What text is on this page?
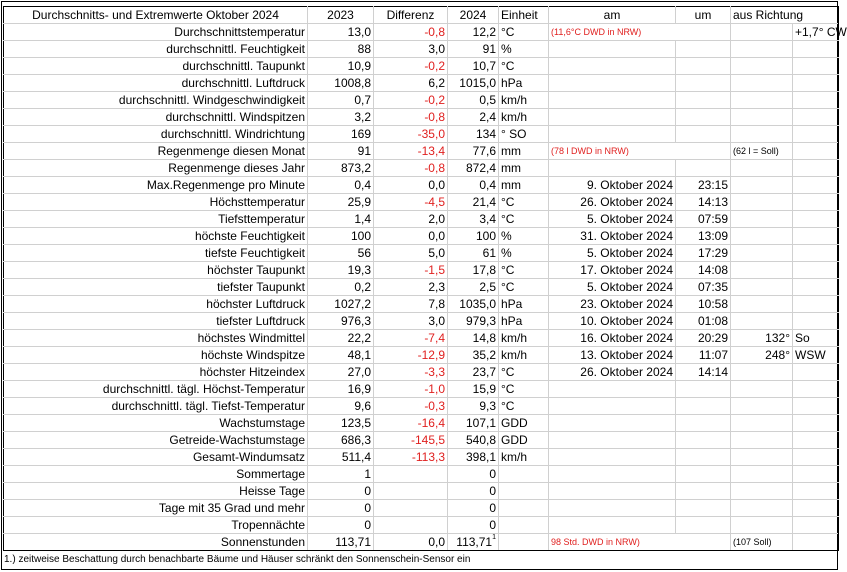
Durchschnitts- und Extremwerte Oktober 2024	2023	Differenz	2024	Einheit	am	um	aus Richtung		
Durchschnittstemperatur	13,0	-0,8	12,2	°C	(11,6°C DWD in NRW)			+1,7° CW	
durchschnittl. Feuchtigkeit	88	3,0	91	%					
durchschnittl. Taupunkt	10,9	-0,2	10,7	°C					
durchschnittl. Luftdruck	1008,8	6,2	1015,0	hPa					
durchschnittl. Windgeschwindigkeit	0,7	-0,2	0,5	km/h					
durchschnittl. Windspitzen	3,2	-0,8	2,4	km/h					
durchschnittl. Windrichtung	169	-35,0	134	° SO					
Regenmenge diesen Monat	91	-13,4	77,6	mm	(78 l DWD in NRW)		(62 l = Soll)		
Regenmenge dieses Jahr	873,2	-0,8	872,4	mm					
Max.Regenmenge pro Minute	0,4	0,0	0,4	mm	9. Oktober 2024	23:15			
Höchsttemperatur	25,9	-4,5	21,4	°C	26. Oktober 2024	14:13			
Tiefsttemperatur	1,4	2,0	3,4	°C	5. Oktober 2024	07:59			
höchste Feuchtigkeit	100	0,0	100	%	31. Oktober 2024	13:09			
tiefste Feuchtigkeit	56	5,0	61	%	5. Oktober 2024	17:29			
höchster Taupunkt	19,3	-1,5	17,8	°C	17. Oktober 2024	14:08			
tiefster Taupunkt	0,2	2,3	2,5	°C	5. Oktober 2024	07:35			
höchster Luftdruck	1027,2	7,8	1035,0	hPa	23. Oktober 2024	10:58			
tiefster Luftdruck	976,3	3,0	979,3	hPa	10. Oktober 2024	01:08			
höchstes Windmittel	22,2	-7,4	14,8	km/h	16. Oktober 2024	20:29	132°	So	
höchste Windspitze	48,1	-12,9	35,2	km/h	13. Oktober 2024	11:07	248°	WSW	
höchster Hitzeindex	27,0	-3,3	23,7	°C	26. Oktober 2024	14:14			
durchschnittl. tägl. Höchst-Temperatur	16,9	-1,0	15,9	°C					
durchschnittl. tägl. Tiefst-Temperatur	9,6	-0,3	9,3	°C					
Wachstumstage	123,5	-16,4	107,1	GDD					
Getreide-Wachstumstage	686,3	-145,5	540,8	GDD					
Gesamt-Windumsatz	511,4	-113,3	398,1	km/h					
Sommertage	1		0						
Heisse Tage	0		0						
Tage mit 35 Grad und mehr	0		0						
Tropennächte	0		0						
Sonnenstunden	113,71	0,0	113,71$^1$		98 Std. DWD in NRW)		(107 Soll)		
1.) zeitweise Beschattung durch benachbarte Bäume und Häuser schränkt den Sonnenschein-Sensor ein
